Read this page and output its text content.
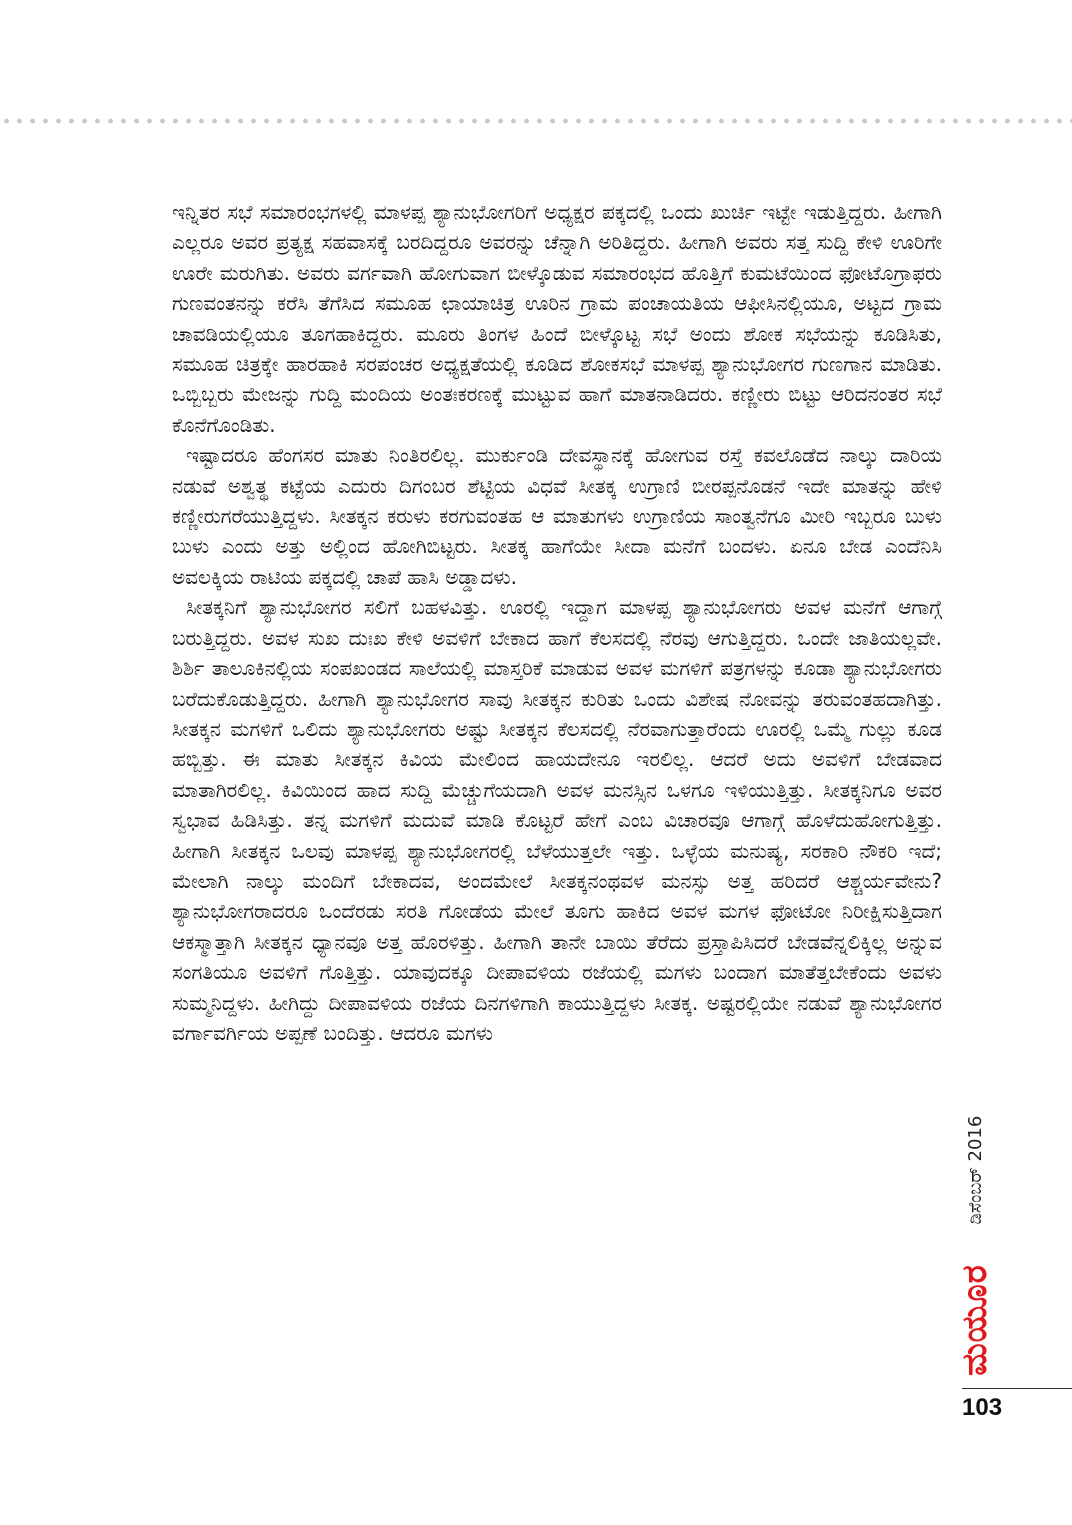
ಇನ್ನಿತರ ಸಭೆ ಸಮಾರಂಭಗಳಲ್ಲಿ ಮಾಳಪ್ಪ ಶ್ಯಾನುಭೋಗರಿಗೆ ಅಧ್ಯಕ್ಷರ ಪಕ್ಕದಲ್ಲಿ ಒಂದು ಖುರ್ಚಿ ಇಟ್ಟೇ ಇಡುತ್ತಿದ್ದರು. ಹೀಗಾಗಿ ಎಲ್ಲರೂ ಅವರ ಪ್ರತ್ಯಕ್ಷ ಸಹವಾಸಕ್ಕೆ ಬರದಿದ್ದರೂ ಅವರನ್ನು ಚೆನ್ನಾಗಿ ಅರಿತಿದ್ದರು. ಹೀಗಾಗಿ ಅವರು ಸತ್ತ ಸುದ್ದಿ ಕೇಳಿ ಊರಿಗೇ ಊರೇ ಮರುಗಿತು. ಅವರು ವರ್ಗವಾಗಿ ಹೋಗುವಾಗ ಬೀಳ್ಕೊಡುವ ಸಮಾರಂಭದ ಹೊತ್ತಿಗೆ ಕುಮಟೆಯಿಂದ ಫೋಟೊಗ್ರಾಫರು ಗುಣವಂತನನ್ನು ಕರೆಸಿ ತೆಗೆಸಿದ ಸಮೂಹ ಛಾಯಾಚಿತ್ರ ಊರಿನ ಗ್ರಾಮ ಪಂಚಾಯತಿಯ ಆಫೀಸಿನಲ್ಲಿಯೂ, ಅಟ್ಟದ ಗ್ರಾಮ ಚಾವಡಿಯಲ್ಲಿಯೂ ತೂಗಹಾಕಿದ್ದರು. ಮೂರು ತಿಂಗಳ ಹಿಂದೆ ಬೀಳ್ಕೊಟ್ಟ ಸಭೆ ಅಂದು ಶೋಕ ಸಭೆಯನ್ನು ಕೂಡಿಸಿತು, ಸಮೂಹ ಚಿತ್ರಕ್ಕೇ ಹಾರಹಾಕಿ ಸರಪಂಚರ ಅಧ್ಯಕ್ಷತೆಯಲ್ಲಿ ಕೂಡಿದ ಶೋಕಸಭೆ ಮಾಳಪ್ಪ ಶ್ಯಾನುಭೋಗರ ಗುಣಗಾನ ಮಾಡಿತು. ಒಬ್ಬಿಬ್ಬರು ಮೇಜನ್ನು ಗುದ್ದಿ ಮಂದಿಯ ಅಂತಃಕರಣಕ್ಕೆ ಮುಟ್ಟುವ ಹಾಗೆ ಮಾತನಾಡಿದರು. ಕಣ್ಣೀರು ಬಿಟ್ಟು ಆರಿದನಂತರ ಸಭೆ ಕೊನೆಗೊಂಡಿತು.

ಇಷ್ಟಾದರೂ ಹೆಂಗಸರ ಮಾತು ನಿಂತಿರಲಿಲ್ಲ. ಮುರ್ಕುಂಡಿ ದೇವಸ್ಥಾನಕ್ಕೆ ಹೋಗುವ ರಸ್ತೆ ಕವಲೊಡೆದ ನಾಲ್ಕು ದಾರಿಯ ನಡುವೆ ಅಶ್ವತ್ಥ ಕಟ್ಟೆಯ ಎದುರು ದಿಗಂಬರ ಶೆಟ್ಟಿಯ ವಿಧವೆ ಸೀತಕ್ಕ ಉಗ್ರಾಣಿ ಬೀರಪ್ಪನೊಡನೆ ಇದೇ ಮಾತನ್ನು ಹೇಳಿ ಕಣ್ಣೀರುಗರೆಯುತ್ತಿದ್ದಳು. ಸೀತಕ್ಕನ ಕರುಳು ಕರಗುವಂತಹ ಆ ಮಾತುಗಳು ಉಗ್ರಾಣಿಯ ಸಾಂತ್ವನೆಗೂ ಮೀರಿ ಇಬ್ಬರೂ ಬುಳು ಬುಳು ಎಂದು ಅತ್ತು ಅಲ್ಲಿಂದ ಹೋಗಿಬಿಟ್ಟರು. ಸೀತಕ್ಕ ಹಾಗೆಯೇ ಸೀದಾ ಮನೆಗೆ ಬಂದಳು. ಏನೂ ಬೇಡ ಎಂದೆನಿಸಿ ಅವಲಕ್ಕಿಯ ರಾಟಿಯ ಪಕ್ಕದಲ್ಲಿ ಚಾಪೆ ಹಾಸಿ ಅಡ್ಡಾದಳು.

ಸೀತಕ್ಕನಿಗೆ ಶ್ಯಾನುಭೋಗರ ಸಲಿಗೆ ಬಹಳವಿತ್ತು. ಊರಲ್ಲಿ ಇದ್ದಾಗ ಮಾಳಪ್ಪ ಶ್ಯಾನುಭೋಗರು ಅವಳ ಮನೆಗೆ ಆಗಾಗ್ಗೆ ಬರುತ್ತಿದ್ದರು. ಅವಳ ಸುಖ ದುಃಖ ಕೇಳಿ ಅವಳಿಗೆ ಬೇಕಾದ ಹಾಗೆ ಕೆಲಸದಲ್ಲಿ ನೆರವು ಆಗುತ್ತಿದ್ದರು. ಒಂದೇ ಜಾತಿಯಲ್ಲವೇ. ಶಿರ್ಶಿ ತಾಲೂಕಿನಲ್ಲಿಯ ಸಂಪಖಂಡದ ಸಾಲೆಯಲ್ಲಿ ಮಾಸ್ತರಿಕೆ ಮಾಡುವ ಅವಳ ಮಗಳಿಗೆ ಪತ್ರಗಳನ್ನು ಕೂಡಾ ಶ್ಯಾನುಭೋಗರು ಬರೆದುಕೊಡುತ್ತಿದ್ದರು. ಹೀಗಾಗಿ ಶ್ಯಾನುಭೋಗರ ಸಾವು ಸೀತಕ್ಕನ ಕುರಿತು ಒಂದು ವಿಶೇಷ ನೋವನ್ನು ತರುವಂತಹದಾಗಿತ್ತು. ಸೀತಕ್ಕನ ಮಗಳಿಗೆ ಒಲಿದು ಶ್ಯಾನುಭೋಗರು ಅಷ್ಟು ಸೀತಕ್ಕನ ಕೆಲಸದಲ್ಲಿ ನೆರವಾಗುತ್ತಾರೆಂದು ಊರಲ್ಲಿ ಒಮ್ಮೆ ಗುಲ್ಲು ಕೂಡ ಹಬ್ಬಿತ್ತು. ಈ ಮಾತು ಸೀತಕ್ಕನ ಕಿವಿಯ ಮೇಲಿಂದ ಹಾಯದೇನೂ ಇರಲಿಲ್ಲ. ಆದರೆ ಅದು ಅವಳಿಗೆ ಬೇಡವಾದ ಮಾತಾಗಿರಲಿಲ್ಲ. ಕಿವಿಯಿಂದ ಹಾದ ಸುದ್ದಿ ಮೆಚ್ಚುಗೆಯದಾಗಿ ಅವಳ ಮನಸ್ಸಿನ ಒಳಗೂ ಇಳಿಯುತ್ತಿತ್ತು. ಸೀತಕ್ಕನಿಗೂ ಅವರ ಸ್ವಭಾವ ಹಿಡಿಸಿತ್ತು. ತನ್ನ ಮಗಳಿಗೆ ಮದುವೆ ಮಾಡಿ ಕೊಟ್ಟರೆ ಹೇಗೆ ಎಂಬ ವಿಚಾರವೂ ಆಗಾಗ್ಗೆ ಹೊಳೆದುಹೋಗುತ್ತಿತ್ತು. ಹೀಗಾಗಿ ಸೀತಕ್ಕನ ಒಲವು ಮಾಳಪ್ಪ ಶ್ಯಾನುಭೋಗರಲ್ಲಿ ಬೆಳೆಯುತ್ತಲೇ ಇತ್ತು. ಒಳ್ಳೆಯ ಮನುಷ್ಯ, ಸರಕಾರಿ ನೌಕರಿ ಇದೆ; ಮೇಲಾಗಿ ನಾಲ್ಕು ಮಂದಿಗೆ ಬೇಕಾದವ, ಅಂದಮೇಲೆ ಸೀತಕ್ಕನಂಥವಳ ಮನಸ್ಸು ಅತ್ತ ಹರಿದರೆ ಆಶ್ಚರ್ಯವೇನು? ಶ್ಯಾನುಭೋಗರಾದರೂ ಒಂದೆರಡು ಸರತಿ ಗೋಡೆಯ ಮೇಲೆ ತೂಗು ಹಾಕಿದ ಅವಳ ಮಗಳ ಫೋಟೋ ನಿರೀಕ್ಷಿಸುತ್ತಿದಾಗ ಆಕಸ್ಮಾತ್ತಾಗಿ ಸೀತಕ್ಕನ ಧ್ಯಾನವೂ ಅತ್ತ ಹೊರಳಿತ್ತು. ಹೀಗಾಗಿ ತಾನೇ ಬಾಯಿ ತೆರೆದು ಪ್ರಸ್ತಾಪಿಸಿದರೆ ಬೇಡವೆನ್ನಲಿಕ್ಕಿಲ್ಲ ಅನ್ನುವ ಸಂಗತಿಯೂ ಅವಳಿಗೆ ಗೊತ್ತಿತ್ತು. ಯಾವುದಕ್ಕೂ ದೀಪಾವಳಿಯ ರಜೆಯಲ್ಲಿ ಮಗಳು ಬಂದಾಗ ಮಾತೆತ್ತಬೇಕೆಂದು ಅವಳು ಸುಮ್ಮನಿದ್ದಳು. ಹೀಗಿದ್ದು ದೀಪಾವಳಿಯ ರಜೆಯ ದಿನಗಳಿಗಾಗಿ ಕಾಯುತ್ತಿದ್ದಳು ಸೀತಕ್ಕ. ಅಷ್ಟರಲ್ಲಿಯೇ ನಡುವೆ ಶ್ಯಾನುಭೋಗರ ವರ್ಗಾವರ್ಗಿಯ ಅಪ್ಪಣೆ ಬಂದಿತ್ತು. ಆದರೂ ಮಗಳು

ಡಿಸೆಂಬರ್ 2016
ಮಯೂರ
103
